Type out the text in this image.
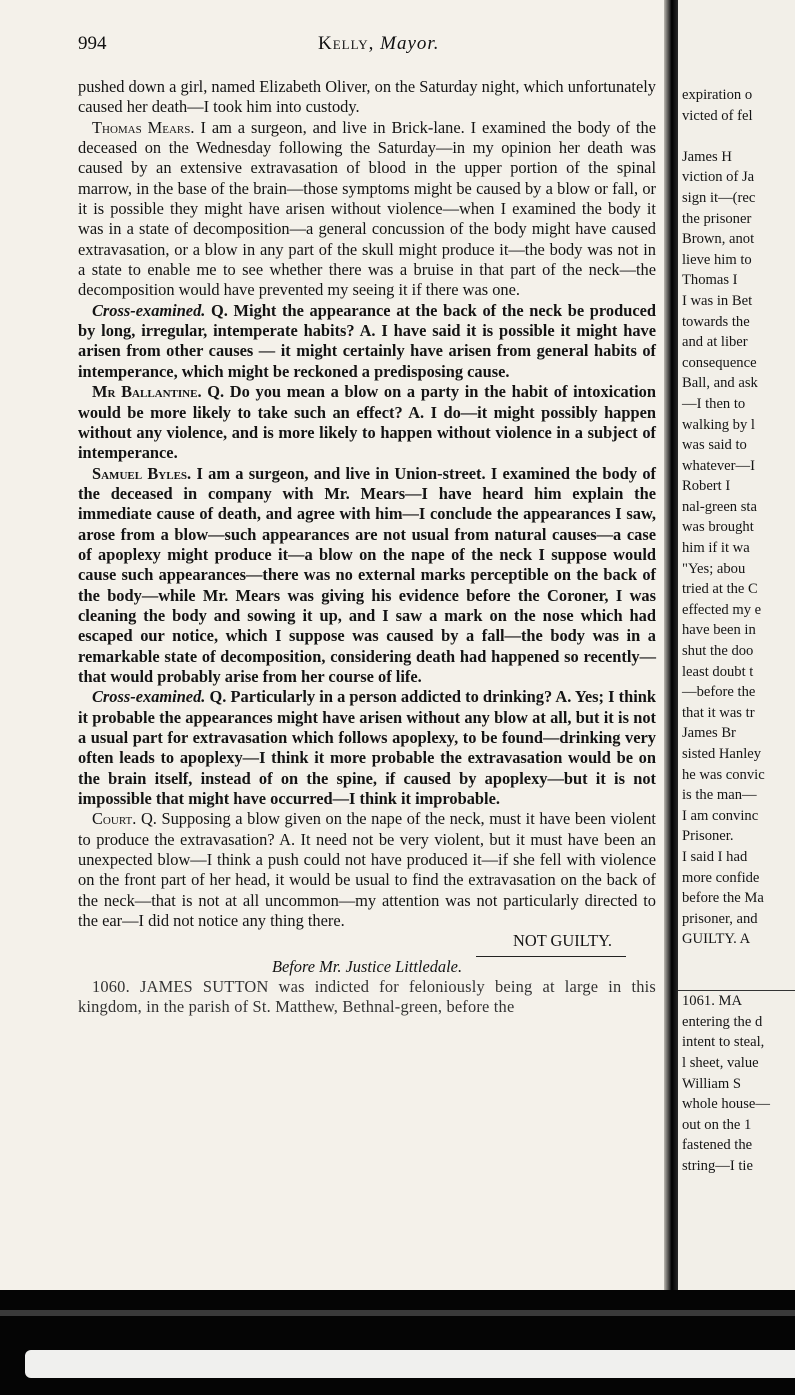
994	Kelly, Mayor.

pushed down a girl, named Elizabeth Oliver, on the Saturday night, which unfortunately caused her death—I took him into custody.

Thomas Mears. I am a surgeon, and live in Brick-lane. I examined the body of the deceased on the Wednesday following the Saturday—in my opinion her death was caused by an extensive extravasation of blood in the upper portion of the spinal marrow, in the base of the brain—those symptoms might be caused by a blow or fall, or it is possible they might have arisen without violence—when I examined the body it was in a state of decomposition—a general concussion of the body might have caused extravasation, or a blow in any part of the skull might produce it—the body was not in a state to enable me to see whether there was a bruise in that part of the neck—the decomposition would have prevented my seeing it if there was one.

Cross-examined. Q. Might the appearance at the back of the neck be produced by long, irregular, intemperate habits? A. I have said it is possible it might have arisen from other causes — it might certainly have arisen from general habits of intemperance, which might be reckoned a predisposing cause.

Mr Ballantine. Q. Do you mean a blow on a party in the habit of intoxication would be more likely to take such an effect? A. I do—it might possibly happen without any violence, and is more likely to happen without violence in a subject of intemperance.

Samuel Byles. I am a surgeon, and live in Union-street. I examined the body of the deceased in company with Mr. Mears—I have heard him explain the immediate cause of death, and agree with him—I conclude the appearances I saw, arose from a blow—such appearances are not usual from natural causes—a case of apoplexy might produce it—a blow on the nape of the neck I suppose would cause such appearances—there was no external marks perceptible on the back of the body—while Mr. Mears was giving his evidence before the Coroner, I was cleaning the body and sowing it up, and I saw a mark on the nose which had escaped our notice, which I suppose was caused by a fall—the body was in a remarkable state of decomposition, considering death had happened so recently—that would probably arise from her course of life.

Cross-examined. Q. Particularly in a person addicted to drinking? A. Yes; I think it probable the appearances might have arisen without any blow at all, but it is not a usual part for extravasation which follows apoplexy, to be found—drinking very often leads to apoplexy—I think it more probable the extravasation would be on the brain itself, instead of on the spine, if caused by apoplexy—but it is not impossible that might have occurred—I think it improbable.

Court. Q. Supposing a blow given on the nape of the neck, must it have been violent to produce the extravasation? A. It need not be very violent, but it must have been an unexpected blow—I think a push could not have produced it—if she fell with violence on the front part of her head, it would be usual to find the extravasation on the back of the neck—that is not at all uncommon—my attention was not particularly directed to the ear—I did not notice any thing there.

NOT GUILTY.

Before Mr. Justice Littledale.

1060. JAMES SUTTON was indicted for feloniously being at large in this kingdom, in the parish of St. Matthew, Bethnal-green, before the

expiration o
victed of fel
James H
viction of Ja
sign it—(rec
the prisoner
Brown, anot
lieve him to
Thomas I
I was in Bet
towards the
and at liber
consequence
Ball, and ask
—I then to
walking by l
was said to
whatever—I
Robert I
nal-green sta
was brought
him if it wa
"Yes; abou
tried at the C
effected my e
have been in
shut the doo
least doubt t
—before the
that it was tr
James Br
sisted Hanley
he was convic
is the man—
I am convinc
Prisoner.
I said I had
more confide
before the Ma
prisoner, and
GUILTY. A
1061. MA
entering the d
intent to steal,
l sheet, value
William S
whole house—
out on the 1
fastened the
string—I tie
